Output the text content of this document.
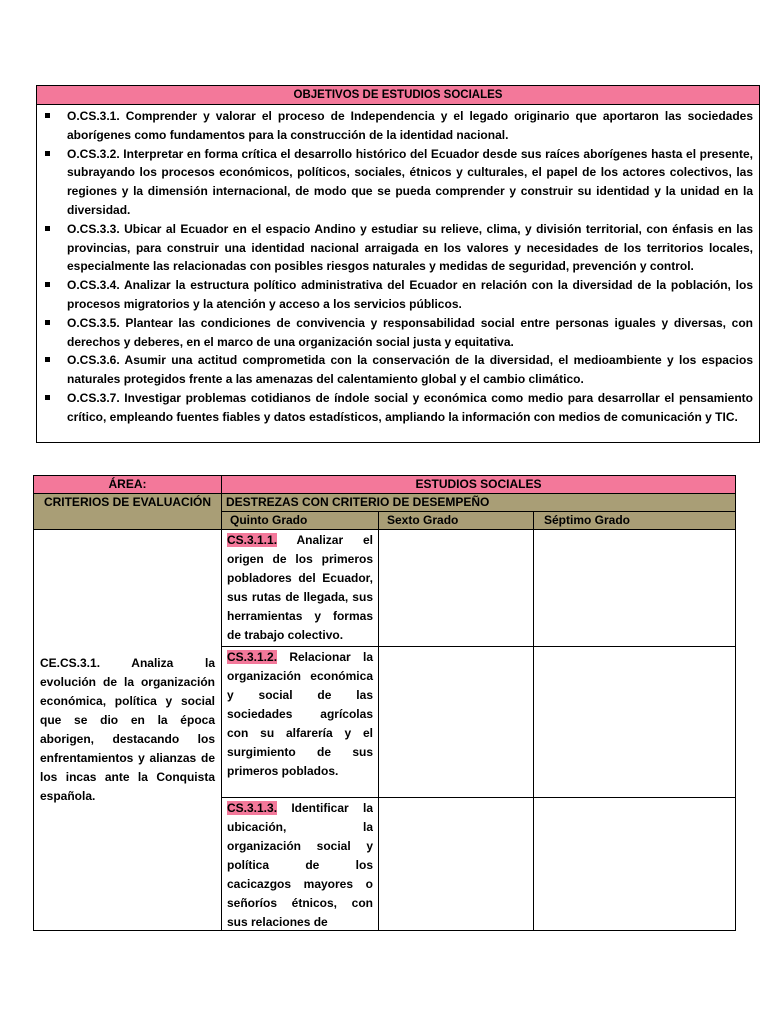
OBJETIVOS DE ESTUDIOS SOCIALES
O.CS.3.1. Comprender y valorar el proceso de Independencia y el legado originario que aportaron las sociedades aborígenes como fundamentos para la construcción de la identidad nacional.
O.CS.3.2. Interpretar en forma crítica el desarrollo histórico del Ecuador desde sus raíces aborígenes hasta el presente, subrayando los procesos económicos, políticos, sociales, étnicos y culturales, el papel de los actores colectivos, las regiones y la dimensión internacional, de modo que se pueda comprender y construir su identidad y la unidad en la diversidad.
O.CS.3.3. Ubicar al Ecuador en el espacio Andino y estudiar su relieve, clima, y división territorial, con énfasis en las provincias, para construir una identidad nacional arraigada en los valores y necesidades de los territorios locales, especialmente las relacionadas con posibles riesgos naturales y medidas de seguridad, prevención y control.
O.CS.3.4. Analizar la estructura político administrativa del Ecuador en relación con la diversidad de la población, los procesos migratorios y la atención y acceso a los servicios públicos.
O.CS.3.5. Plantear las condiciones de convivencia y responsabilidad social entre personas iguales y diversas, con derechos y deberes, en el marco de una organización social justa y equitativa.
O.CS.3.6. Asumir una actitud comprometida con la conservación de la diversidad, el medioambiente y los espacios naturales protegidos frente a las amenazas del calentamiento global y el cambio climático.
O.CS.3.7. Investigar problemas cotidianos de índole social y económica como medio para desarrollar el pensamiento crítico, empleando fuentes fiables y datos estadísticos, ampliando la información con medios de comunicación y TIC.
ÁREA:	ESTUDIOS SOCIALES		
CRITERIOS DE EVALUACIÓN	DESTREZAS CON CRITERIO DE DESEMPEÑO		
	Quinto Grado	Sexto Grado	Séptimo Grado
CE.CS.3.1. Analiza la evolución de la organización económica, política y social que se dio en la época aborigen, destacando los enfrentamientos y alianzas de los incas ante la Conquista española.	CS.3.1.1. Analizar el origen de los primeros pobladores del Ecuador, sus rutas de llegada, sus herramientas y formas de trabajo colectivo.		
	CS.3.1.2. Relacionar la organización económica y social de las sociedades agrícolas con su alfarería y el surgimiento de sus primeros poblados.		

	CS.3.1.3. Identificar la ubicación, la organización social y política de los cacicazgos mayores o señoríos étnicos, con sus relaciones de		
